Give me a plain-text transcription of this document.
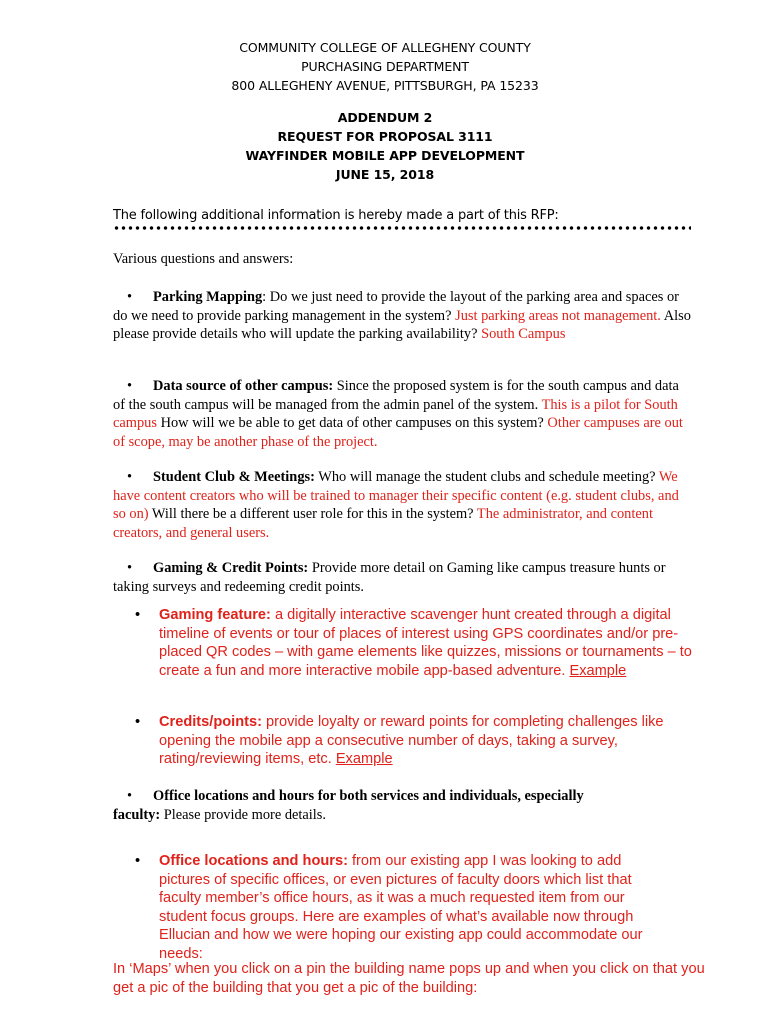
COMMUNITY COLLEGE OF ALLEGHENY COUNTY
PURCHASING DEPARTMENT
800 ALLEGHENY AVENUE, PITTSBURGH, PA 15233
ADDENDUM 2
REQUEST FOR PROPOSAL 3111
WAYFINDER MOBILE APP DEVELOPMENT
JUNE 15, 2018
The following additional information is hereby made a part of this RFP:
Various questions and answers:
• Parking Mapping: Do we just need to provide the layout of the parking area and spaces or do we need to provide parking management in the system? Just parking areas not management. Also please provide details who will update the parking availability? South Campus
• Data source of other campus: Since the proposed system is for the south campus and data of the south campus will be managed from the admin panel of the system. This is a pilot for South campus How will we be able to get data of other campuses on this system? Other campuses are out of scope, may be another phase of the project.
• Student Club & Meetings: Who will manage the student clubs and schedule meeting? We have content creators who will be trained to manager their specific content (e.g. student clubs, and so on) Will there be a different user role for this in the system? The administrator, and content creators, and general users.
• Gaming & Credit Points: Provide more detail on Gaming like campus treasure hunts or taking surveys and redeeming credit points.
• Gaming feature: a digitally interactive scavenger hunt created through a digital timeline of events or tour of places of interest using GPS coordinates and/or pre-placed QR codes – with game elements like quizzes, missions or tournaments – to create a fun and more interactive mobile app-based adventure. Example
• Credits/points: provide loyalty or reward points for completing challenges like opening the mobile app a consecutive number of days, taking a survey, rating/reviewing items, etc. Example
• Office locations and hours for both services and individuals, especially faculty: Please provide more details.
• Office locations and hours: from our existing app I was looking to add pictures of specific offices, or even pictures of faculty doors which list that faculty member’s office hours, as it was a much requested item from our student focus groups. Here are examples of what’s available now through Ellucian and how we were hoping our existing app could accommodate our needs:
In ‘Maps’ when you click on a pin the building name pops up and when you click on that you get a pic of the building that you get a pic of the building:
